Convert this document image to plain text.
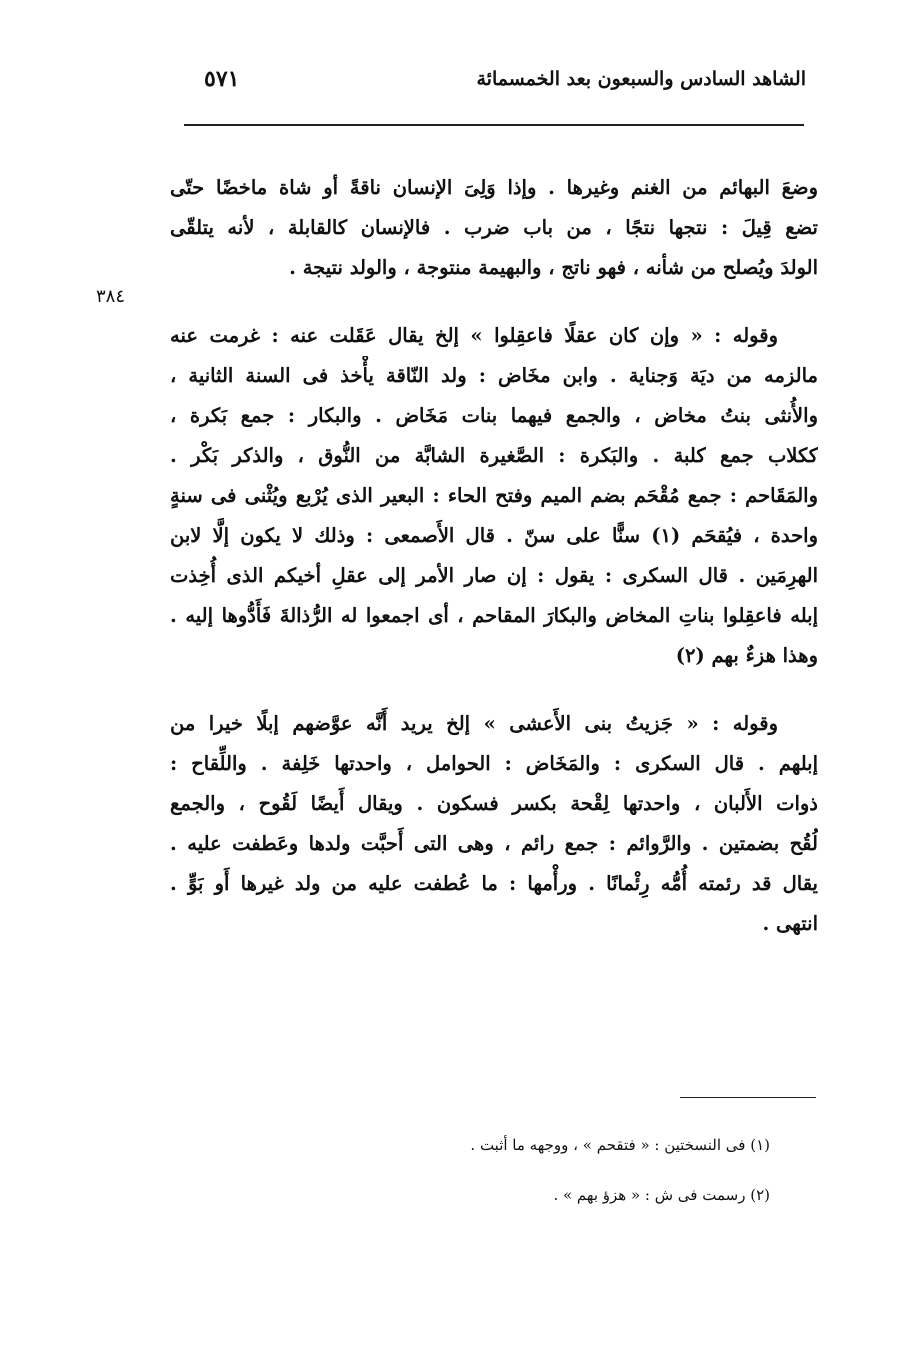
الشاهد السادس والسبعون بعد الخمسمائة
٥٧١
٣٨٤
وضعَ البهائم من الغنم وغيرها . وإذا وَلِىَ الإنسان ناقةً أو شاة ماخضًا حتّى
تضع قِيلَ : نتجها نتجًا ، من باب ضرب . فالإنسان كالقابلة ، لأنه يتلقّى
الولدَ ويُصلح من شأنه ، فهو ناتج ، والبهيمة منتوجة ، والولد نتيجة .
وقوله : « وإن كان عقلًا فاعقِلوا » إلخ يقال عَقَلت عنه : غرمت عنه
مالزمه من ديَة وَجناية . وابن مخَاض : ولد النّاقة يأْخذ فى السنة الثانية ،
والأُنثى بنتُ مخاض ، والجمع فيهما بنات مَخَاض . والبكار : جمع بَكرة ،
ككلاب جمع كلبة . والبَكرة : الصَّغيرة الشابَّة من النُّوق ، والذكر بَكْر .
والمَقَاحم : جمع مُقْحَم بضم الميم وفتح الحاء : البعير الذى يُرْبع ويُثْنى فى سنةٍ
واحدة ، فيُقحَم (١) سنًّا على سنّ . قال الأَصمعى : وذلك لا يكون إلَّا لابن
الهرِمَين . قال السكرى : يقول : إن صار الأمر إلى عقلِ أخيكم الذى أُخِذت
إبله فاعقِلوا بناتِ المخاض والبكارَ المقاحم ، أى اجمعوا له الرُّذالةَ فَأَدُّوها إليه .
وهذا هزءٌ بهم (٢)
وقوله : « جَزيتُ بنى الأَعشى » إلخ يريد أَنَّه عوَّضهم إبلًا خيرا من
إبلهم . قال السكرى : والمَخَاض : الحوامل ، واحدتها خَلِفة . واللِّقاح :
ذوات الأَلبان ، واحدتها لِقْحة بكسر فسكون . ويقال أَيضًا لَقُوح ، والجمع
لُقُح بضمتين . والرَّوائم : جمع رائم ، وهى التى أَحبَّت ولدها وعَطفت عليه .
يقال قد رئمته أُمُّه رِئْمانًا . ورأْمها : ما عُطفت عليه من ولد غيرها أَو بَوٍّ .
انتهى .
(١) فى النسختين : « فتقحم » ، ووجهه ما أثبت .
(٢) رسمت فى ش : « هزؤ بهم » .
